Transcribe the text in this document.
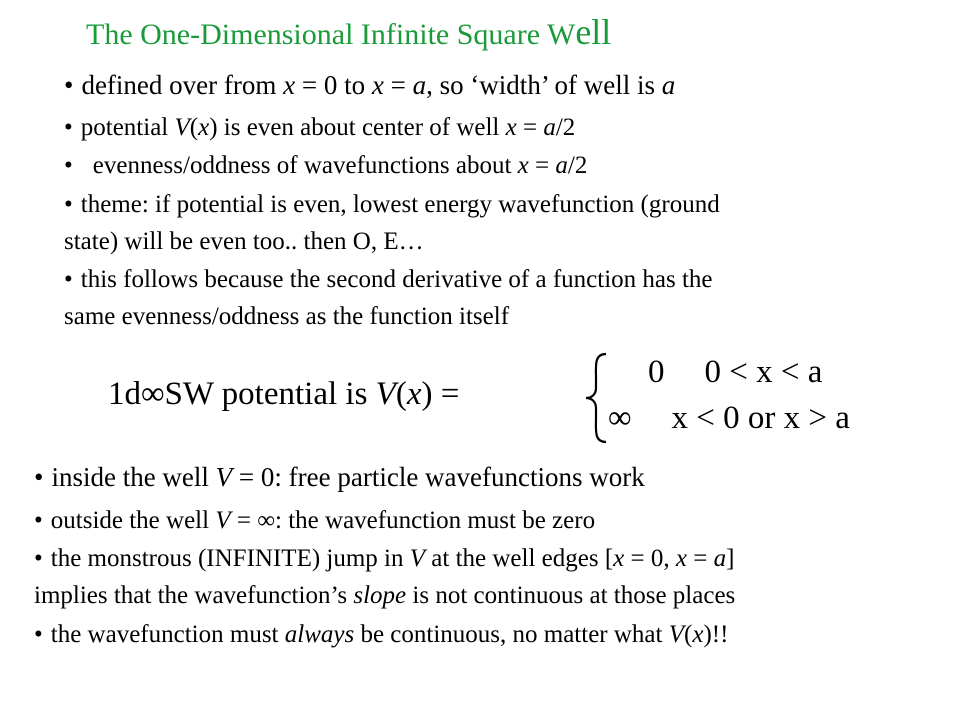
The One-Dimensional Infinite Square Well
• defined over from x = 0 to x = a, so ‘width’ of well is a
• potential V(x) is even about center of well x = a/2
• evenness/oddness of wavefunctions about x = a/2
• theme: if potential is even, lowest energy wavefunction (ground
state) will be even too.. then O, E…
• this follows because the second derivative of a function has the
same evenness/oddness as the function itself
1d∞SW potential is V(x) =
0 0 < x < a
∞ x < 0 or x > a
• inside the well V = 0: free particle wavefunctions work
• outside the well V = ∞: the wavefunction must be zero
• the monstrous (INFINITE) jump in V at the well edges [x = 0, x = a]
implies that the wavefunction’s slope is not continuous at those places
• the wavefunction must always be continuous, no matter what V(x)!!
